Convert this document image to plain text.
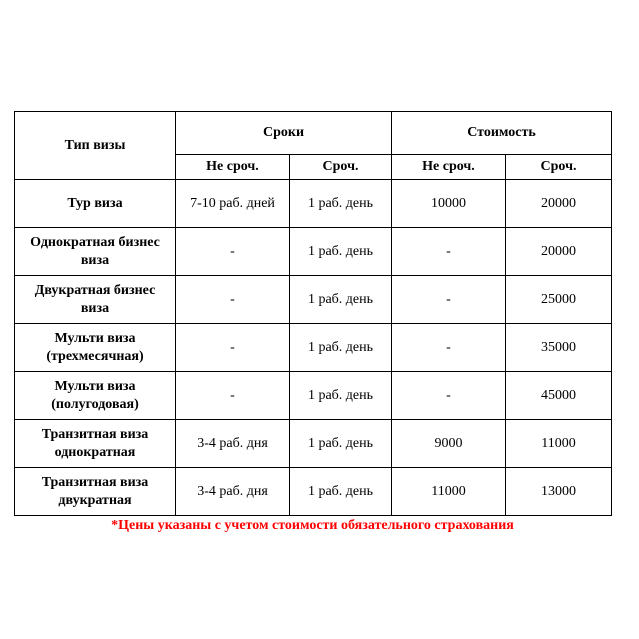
Тип визы	Сроки		Стоимость	
	Не сроч.	Сроч.	Не сроч.	Сроч.
Тур виза	7-10 раб. дней	1 раб. день	10000	20000
Однократная бизнес виза	-	1 раб. день	-	20000
Двукратная бизнес виза	-	1 раб. день	-	25000
Мульти виза (трехмесячная)	-	1 раб. день	-	35000
Мульти виза (полугодовая)	-	1 раб. день	-	45000
Транзитная виза однократная	3-4 раб. дня	1 раб. день	9000	11000
Транзитная виза двукратная	3-4 раб. дня	1 раб. день	11000	13000
*Цены указаны с учетом стоимости обязательного страхования
